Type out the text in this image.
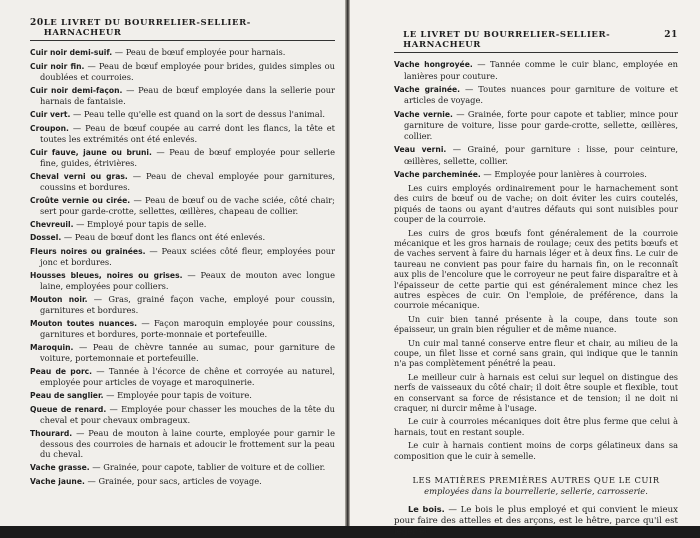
20 LE LIVRET DU BOURRELIER-SELLIER-HARNACHEUR

Cuir noir demi-suif. — Peau de bœuf employée pour harnais.

Cuir noir fin. — Peau de bœuf employée pour brides, guides simples ou doublées et courroies.

Cuir noir demi-façon. — Peau de bœuf employée dans la sellerie pour harnais de fantaisie.

Cuir vert. — Peau telle qu'elle est quand on la sort de dessus l'animal.

Croupon. — Peau de bœuf coupée au carré dont les flancs, la tête et toutes les extrémités ont été enlevés.

Cuir fauve, jaune ou bruni. — Peau de bœuf employée pour sellerie fine, guides, étrivières.

Cheval verni ou gras. — Peau de cheval employée pour garnitures, coussins et bordures.

Croûte vernie ou cirée. — Peau de bœuf ou de vache sciée, côté chair; sert pour garde-crotte, sellettes, œillères, chapeau de collier.

Chevreuil. — Employé pour tapis de selle.

Dossel. — Peau de bœuf dont les flancs ont été enlevés.

Fleurs noires ou grainées. — Peaux sciées côté fleur, employées pour jonc et bordures.

Housses bleues, noires ou grises. — Peaux de mouton avec longue laine, employées pour colliers.

Mouton noir. — Gras, grainé façon vache, employé pour coussin, garnitures et bordures.

Mouton toutes nuances. — Façon maroquin employée pour coussins, garnitures et bordures, porte-monnaie et portefeuille.

Maroquin. — Peau de chèvre tannée au sumac, pour garniture de voiture, portemonnaie et portefeuille.

Peau de porc. — Tannée à l'écorce de chêne et corroyée au naturel, employée pour articles de voyage et maroquinerie.

Peau de sanglier. — Employée pour tapis de voiture.

Queue de renard. — Employée pour chasser les mouches de la tête du cheval et pour chevaux ombrageux.

Thourard. — Peau de mouton à laine courte, employée pour garnir le dessous des courroies de harnais et adoucir le frottement sur la peau du cheval.

Vache grasse. — Grainée, pour capote, tablier de voiture et de collier.

Vache jaune. — Grainée, pour sacs, articles de voyage.

LE LIVRET DU BOURRELIER-SELLIER-HARNACHEUR
21

Vache hongroyée. — Tannée comme le cuir blanc, employée en lanières pour couture.

Vache grainée. — Toutes nuances pour garniture de voiture et articles de voyage.

Vache vernie. — Grainée, forte pour capote et tablier, mince pour garniture de voiture, lisse pour garde-crotte, sellette, œillères, collier.

Veau verni. — Grainé, pour garniture : lisse, pour ceinture, œillères, sellette, collier.

Vache parcheminée. — Employée pour lanières à courroies.

Les cuirs employés ordinairement pour le harnachement sont des cuirs de bœuf ou de vache; on doit éviter les cuirs coutelés, piqués de taons ou ayant d'autres défauts qui sont nuisibles pour couper de la courroie.

Les cuirs de gros bœufs font généralement de la courroie mécanique et les gros harnais de roulage; ceux des petits bœufs et de vaches servent à faire du harnais léger et à deux fins. Le cuir de taureau ne convient pas pour faire du harnais fin, on le reconnaît aux plis de l'encolure que le corroyeur ne peut faire disparaître et à l'épaisseur de cette partie qui est généralement mince chez les autres espèces de cuir. On l'emploie, de préférence, dans la courroie mécanique.

Un cuir bien tanné présente à la coupe, dans toute son épaisseur, un grain bien régulier et de même nuance.

Un cuir mal tanné conserve entre fleur et chair, au milieu de la coupe, un filet lisse et corné sans grain, qui indique que le tannin n'a pas complètement pénétré la peau.

Le meilleur cuir à harnais est celui sur lequel on distingue des nerfs de vaisseaux du côté chair; il doit être souple et flexible, tout en conservant sa force de résistance et de tension; il ne doit ni craquer, ni durcir même à l'usage.

Le cuir à courroies mécaniques doit être plus ferme que celui à harnais, tout en restant souple.

Le cuir à harnais contient moins de corps gélatineux dans sa composition que le cuir à semelle.

LES MATIÈRES PREMIÈRES AUTRES QUE LE CUIR
employées dans la bourrellerie, sellerie, carrosserie.

Le bois. — Le bois le plus employé et qui convient le mieux pour faire des attelles et des arçons, est le hêtre, parce qu'il est léger et
